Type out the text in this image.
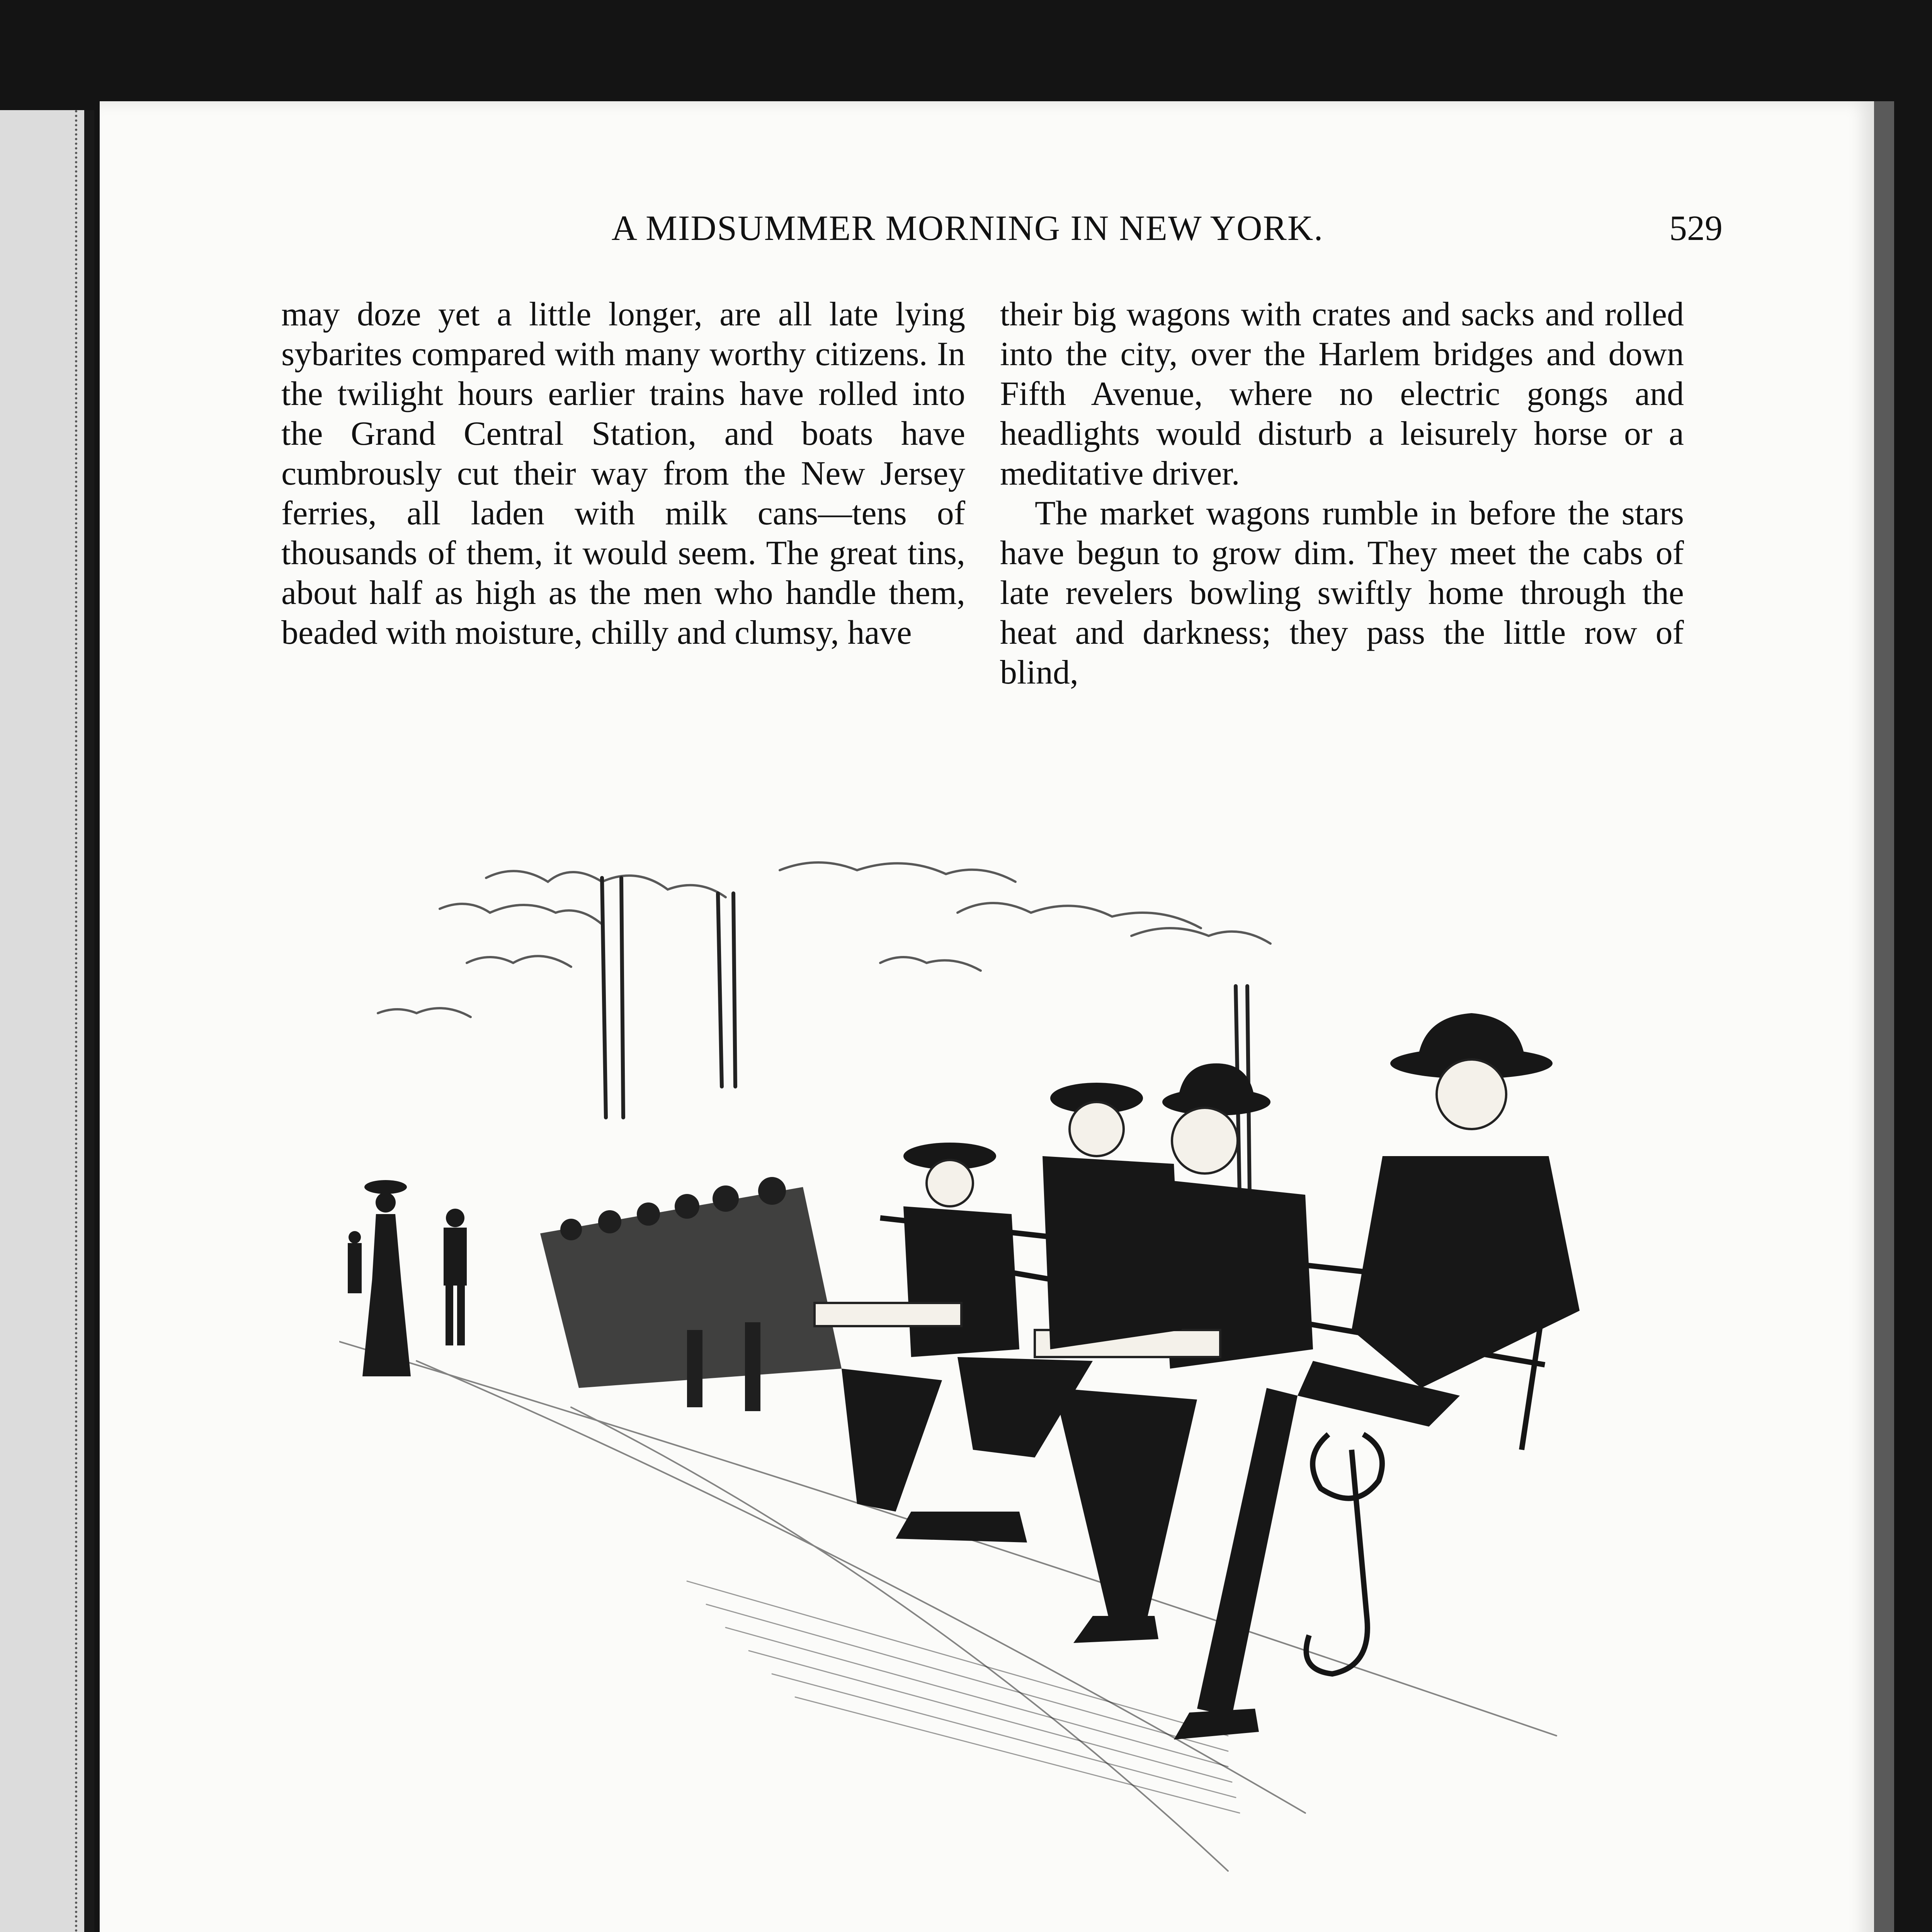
A MIDSUMMER MORNING IN NEW YORK.	529

may doze yet a little longer, are all late lying sybarites compared with many worthy citizens. In the twilight hours earlier trains have rolled into the Grand Central Station, and boats have cumbrously cut their way from the New Jersey ferries, all laden with milk cans—tens of thousands of them, it would seem. The great tins, about half as high as the men who handle them, beaded with moisture, chilly and clumsy, have

their big wagons with crates and sacks and rolled into the city, over the Harlem bridges and down Fifth Avenue, where no electric gongs and headlights would disturb a leisurely horse or a meditative driver.

The market wagons rumble in before the stars have begun to grow dim. They meet the cabs of late revelers bowling swiftly home through the heat and darkness; they pass the little row of blind,
